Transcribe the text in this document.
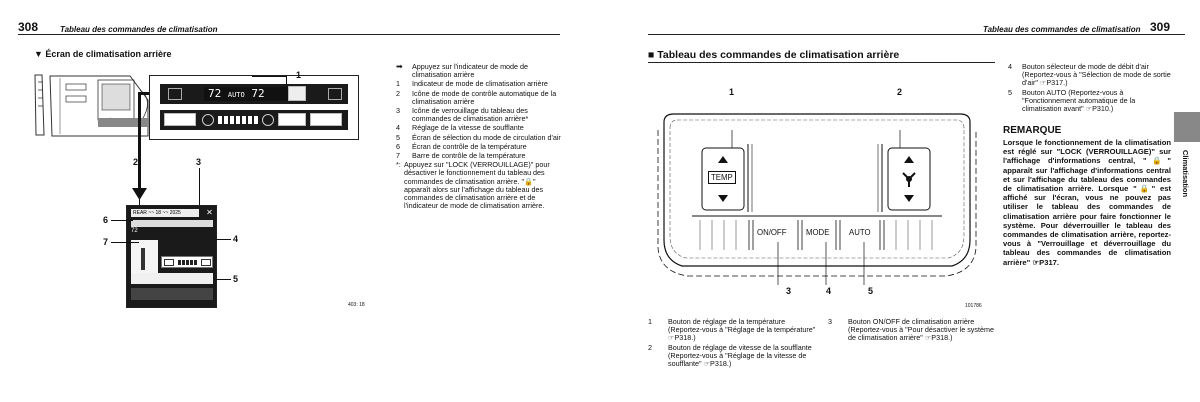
308	Tableau des commandes de climatisation
▼ Écran de climatisation arrière
72 AUTO 72
REAR ~~ 18 ~~ 2025	✕
72
403: 18
1
2	3
4
5
6
7
➡	Appuyez sur l'indicateur de mode de climatisation arrière
1	Indicateur de mode de climatisation arrière
2	Icône de mode de contrôle automatique de la climatisation arrière
3	Icône de verrouillage du tableau des commandes de climatisation arrière*
4	Réglage de la vitesse de soufflante
5	Écran de sélection du mode de circulation d'air
6	Écran de contrôle de la température
7	Barre de contrôle de la température
*: Appuyez sur "LOCK (VERROUILLAGE)" pour désactiver le fonctionnement du tableau des commandes de climatisation arrière. "🔒" apparaît alors sur l'affichage du tableau des commandes de climatisation arrière et de l'indicateur de mode de climatisation arrière.
Tableau des commandes de climatisation 309
■ Tableau des commandes de climatisation arrière
1	2
TEMP
ON/OFF	MODE	AUTO
3	4	5
101786
1	Bouton de réglage de la température (Reportez-vous à "Réglage de la température" ☞P318.)
2	Bouton de réglage de vitesse de la soufflante (Reportez-vous à "Réglage de la vitesse de soufflante" ☞P318.)
3	Bouton ON/OFF de climatisation arrière (Reportez-vous à "Pour désactiver le système de climatisation arrière" ☞P318.)
4	Bouton sélecteur de mode de débit d'air (Reportez-vous à "Sélection de mode de sortie d'air" ☞P317.)
5	Bouton AUTO (Reportez-vous à "Fonctionnement automatique de la climatisation avant" ☞P310.)
REMARQUE
Lorsque le fonctionnement de la climatisation est réglé sur "LOCK (VERROUILLAGE)" sur l'affichage d'informations central, "🔒" apparaît sur l'affichage d'informations central et sur l'affichage du tableau des commandes de climatisation arrière. Lorsque "🔒" est affiché sur l'écran, vous ne pouvez pas utiliser le tableau des commandes de climatisation arrière pour faire fonctionner le système. Pour déverrouiller le tableau des commandes de climatisation arrière, reportez-vous à "Verrouillage et déverrouillage du tableau des commandes de climatisation arrière" ☞P317.
Climatisation
